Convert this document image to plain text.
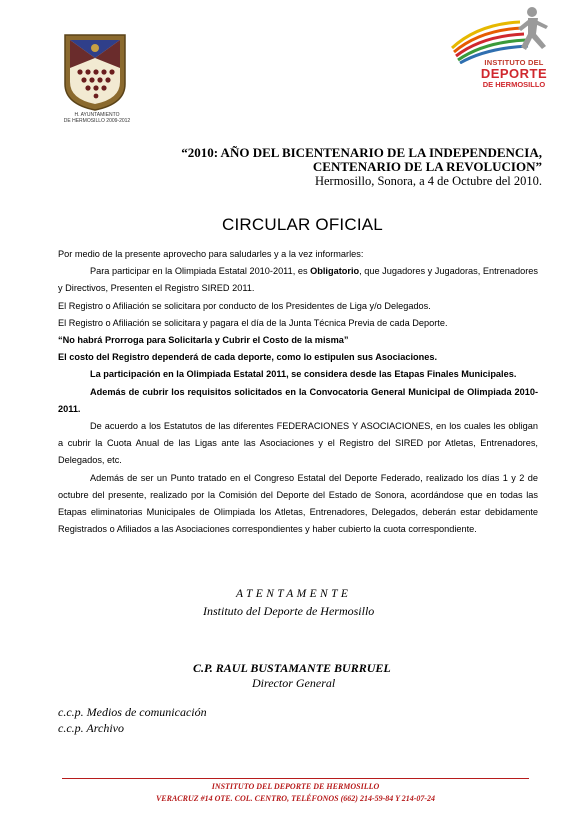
H. AYUNTAMIENTO
DE HERMOSILLO 2009-2012
INSTITUTO DEL
DEPORTE
DE HERMOSILLO
“2010: AÑO DEL BICENTENARIO DE LA INDEPENDENCIA,
CENTENARIO DE LA REVOLUCION”
Hermosillo, Sonora, a 4 de Octubre del 2010.
CIRCULAR OFICIAL

Por medio de la presente aprovecho para saludarles y a la vez informarles:

Para participar en la Olimpiada Estatal 2010-2011, es Obligatorio, que Jugadores y Jugadoras, Entrenadores y Directivos, Presenten el Registro SIRED 2011.

El Registro o Afiliación se solicitara por conducto de los Presidentes de Liga y/o Delegados.

El Registro o Afiliación se solicitara y pagara el día de la Junta Técnica Previa de cada Deporte.

“No habrá Prorroga para Solicitarla y Cubrir el Costo de la misma”

El costo del Registro dependerá de cada deporte, como lo estipulen sus Asociaciones.

La participación en la Olimpiada Estatal 2011, se considera desde las Etapas Finales Municipales.

Además de cubrir los requisitos solicitados en la Convocatoria General Municipal de Olimpiada 2010-2011.

De acuerdo a los Estatutos de las diferentes FEDERACIONES Y ASOCIACIONES, en los cuales les obligan a cubrir la Cuota Anual de las Ligas ante las Asociaciones y el Registro del SIRED por Atletas, Entrenadores, Delegados, etc.

Además de ser un Punto tratado en el Congreso Estatal del Deporte Federado, realizado los días 1 y 2 de octubre del presente, realizado por la Comisión del Deporte del Estado de Sonora, acordándose que en todas las Etapas eliminatorias Municipales de Olimpiada los Atletas, Entrenadores, Delegados, deberán estar debidamente Registrados o Afiliados a las Asociaciones correspondientes y haber cubierto la cuota correspondiente.

ATENTAMENTE
Instituto del Deporte de Hermosillo
C.P. RAUL BUSTAMANTE BURRUEL
Director General
c.c.p. Medios de comunicación
c.c.p. Archivo
INSTITUTO DEL DEPORTE DE HERMOSILLO
VERACRUZ #14 OTE. COL. CENTRO, TELÉFONOS (662) 214-59-84 Y 214-07-24
